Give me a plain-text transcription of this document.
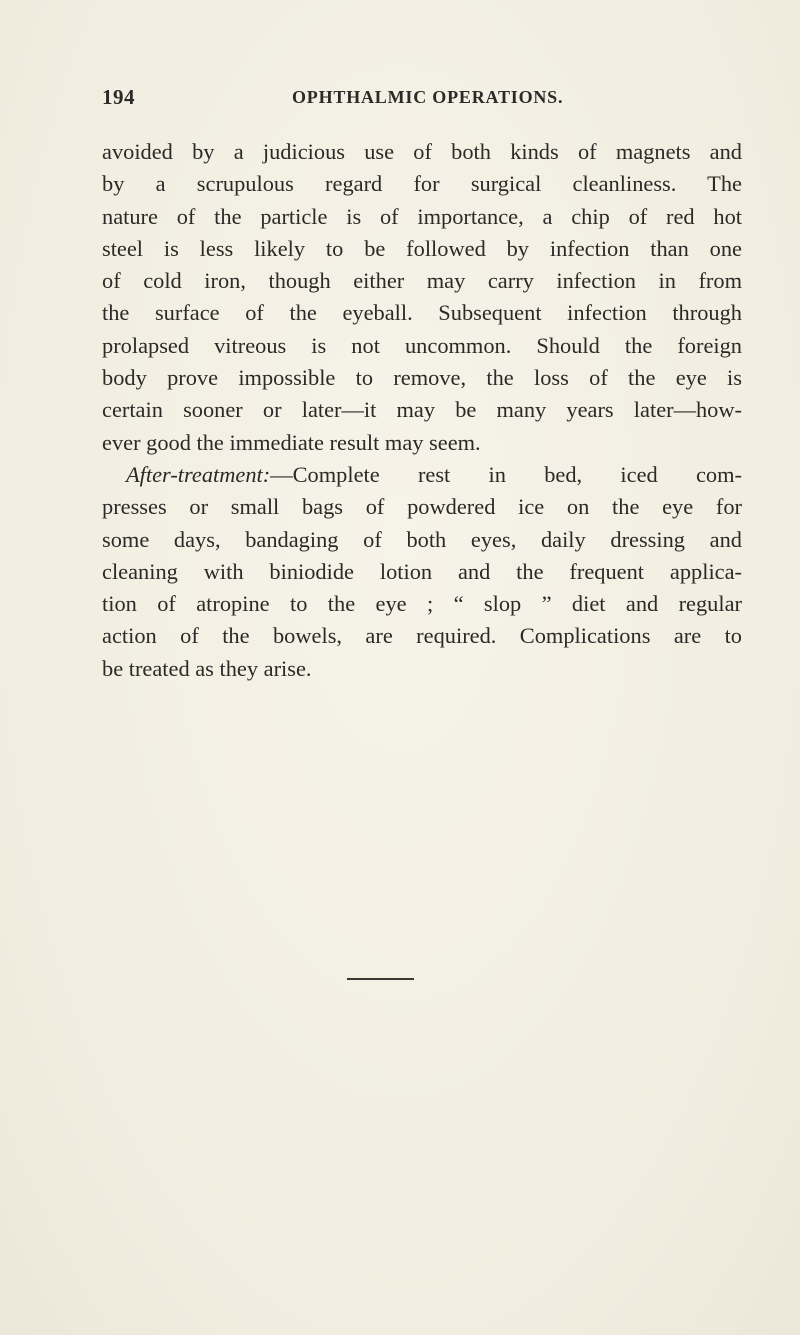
194	OPHTHALMIC OPERATIONS.
avoided by a judicious use of both kinds of magnets and
by a scrupulous regard for surgical cleanliness. The
nature of the particle is of importance, a chip of red hot
steel is less likely to be followed by infection than one
of cold iron, though either may carry infection in from
the surface of the eyeball. Subsequent infection through
prolapsed vitreous is not uncommon. Should the foreign
body prove impossible to remove, the loss of the eye is
certain sooner or later—it may be many years later—how-
ever good the immediate result may seem.
After-treatment:—Complete rest in bed, iced com-
presses or small bags of powdered ice on the eye for
some days, bandaging of both eyes, daily dressing and
cleaning with biniodide lotion and the frequent applica-
tion of atropine to the eye ; “ slop ” diet and regular
action of the bowels, are required. Complications are to
be treated as they arise.
